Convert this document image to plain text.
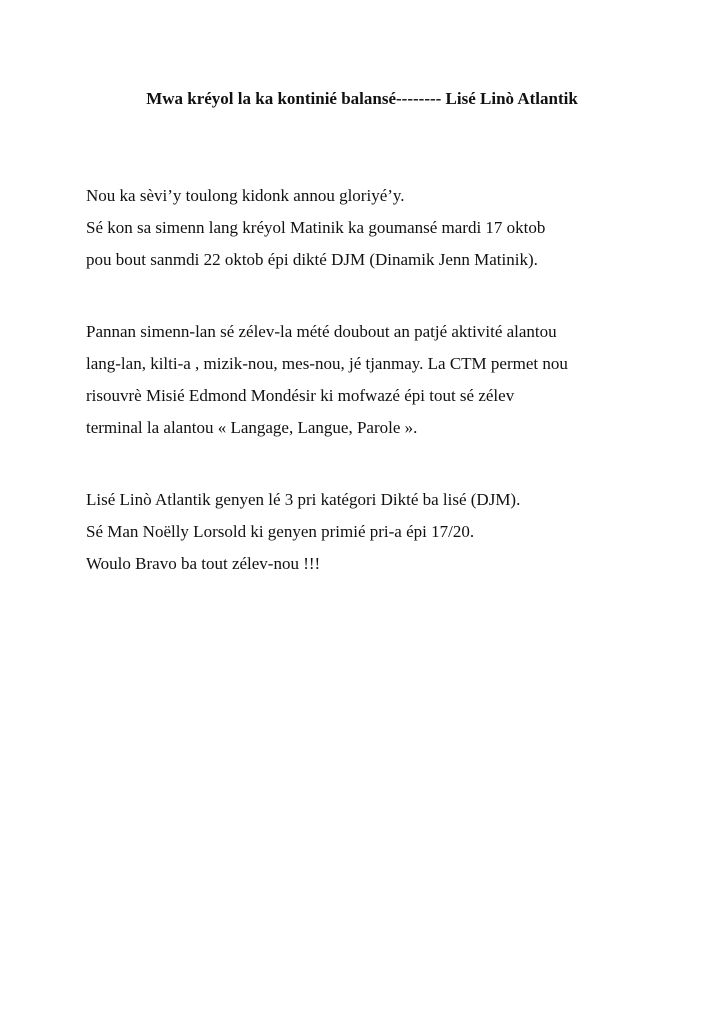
Mwa kréyol la ka kontinié balansé-------- Lisé Linò Atlantik

Nou ka sèvi’y toulong kidonk annou gloriyé’y.

Sé kon sa simenn lang kréyol Matinik ka goumansé mardi 17 oktob

pou bout sanmdi 22 oktob épi dikté DJM (Dinamik Jenn Matinik).

Pannan simenn-lan sé zélev-la mété doubout an patjé aktivité alantou

lang-lan, kilti-a , mizik-nou, mes-nou, jé tjanmay. La CTM permet nou

risouvrè Misié Edmond Mondésir ki mofwazé épi tout sé zélev

terminal la alantou « Langage, Langue, Parole ».

Lisé Linò Atlantik genyen lé 3 pri katégori Dikté ba lisé (DJM).

Sé Man Noëlly Lorsold ki genyen primié pri-a épi 17/20.

Woulo Bravo ba tout zélev-nou !!!
